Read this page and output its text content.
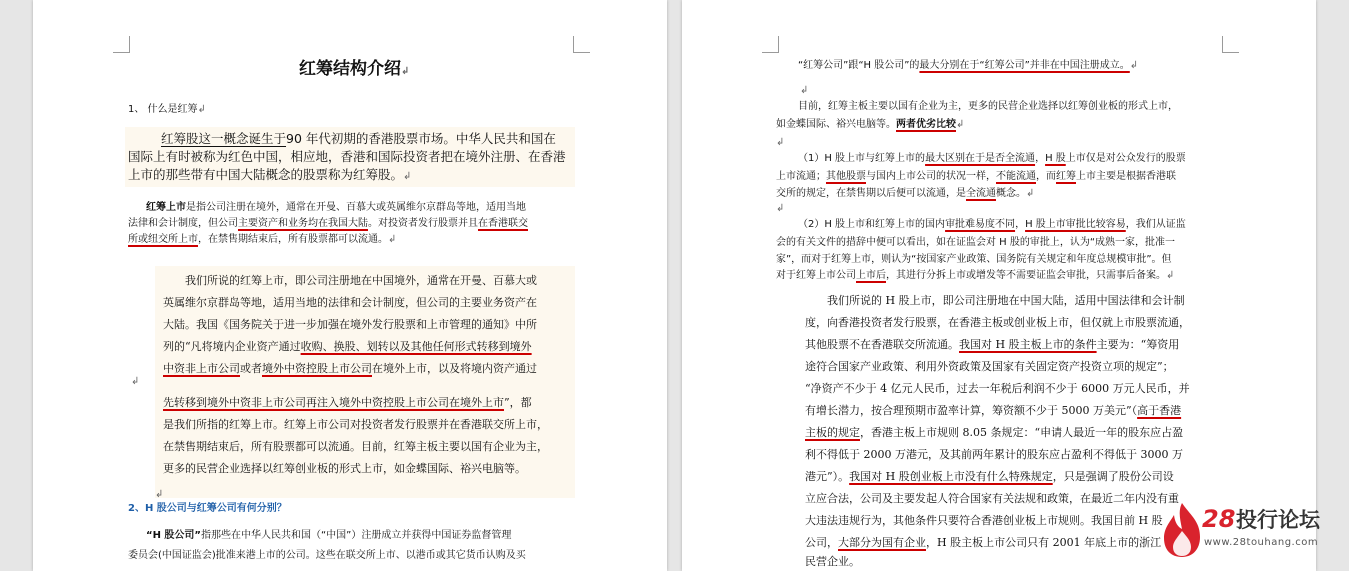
红筹结构介绍↲
1、 什么是红筹↲
红筹股这一概念诞生于90 年代初期的香港股票市场。中华人民共和国在
国际上有时被称为红色中国，相应地，香港和国际投资者把在境外注册、在香港
上市的那些带有中国大陆概念的股票称为红筹股。↲
红筹上市是指公司注册在境外，通常在开曼、百慕大或英属维尔京群岛等地，适用当地
法律和会计制度，但公司主要资产和业务均在我国大陆。对投资者发行股票并且在香港联交
所或纽交所上市，在禁售期结束后，所有股票都可以流通。↲
我们所说的红筹上市，即公司注册地在中国境外，通常在开曼、百慕大或
英属维尔京群岛等地，适用当地的法律和会计制度，但公司的主要业务资产在
大陆。我国《国务院关于进一步加强在境外发行股票和上市管理的通知》中所
列的“凡将境内企业资产通过收购、换股、划转以及其他任何形式转移到境外
中资非上市公司或者境外中资控股上市公司在境外上市，以及将境内资产通过
↲
先转移到境外中资非上市公司再注入境外中资控股上市公司在境外上市”，都
是我们所指的红筹上市。红筹上市公司对投资者发行股票并在香港联交所上市，
在禁售期结束后，所有股票都可以流通。目前，红筹主板主要以国有企业为主，
更多的民营企业选择以红筹创业板的形式上市，如金蝶国际、裕兴电脑等。
↲
2、H 股公司与红筹公司有何分别？
“H 股公司”指那些在中华人民共和国（“中国”）注册成立并获得中国证券监督管理
委员会(中国证监会)批准来港上市的公司。这些在联交所上市、以港币或其它货币认购及买
“红筹公司”跟“H 股公司”的最大分别在于“红筹公司”并非在中国注册成立。↲
↲
目前，红筹主板主要以国有企业为主，更多的民营企业选择以红筹创业板的形式上市，
如金蝶国际、裕兴电脑等。两者优劣比较↲
↲
（1）H 股上市与红筹上市的最大区别在于是否全流通，H 股上市仅是对公众发行的股票
上市流通；其他股票与国内上市公司的状况一样，不能流通，而红筹上市主要是根据香港联
交所的规定，在禁售期以后便可以流通，是全流通概念。↲
↲
（2）H 股上市和红筹上市的国内审批难易度不同，H 股上市审批比较容易，我们从证监
会的有关文件的措辞中便可以看出，如在证监会对 H 股的审批上，认为“成熟一家，批准一
家”，而对于红筹上市，则认为“按国家产业政策、国务院有关规定和年度总规模审批”。但
对于红筹上市公司上市后，其进行分拆上市或增发等不需要证监会审批，只需事后备案。↲
我们所说的 H 股上市，即公司注册地在中国大陆，适用中国法律和会计制
度，向香港投资者发行股票，在香港主板或创业板上市，但仅就上市股票流通，
其他股票不在香港联交所流通。我国对 H 股主板上市的条件主要为：“筹资用
途符合国家产业政策、利用外资政策及国家有关固定资产投资立项的规定”；
“净资产不少于 4 亿元人民币，过去一年税后利润不少于 6000 万元人民币，并
有增长潜力，按合理预期市盈率计算，筹资额不少于 5000 万美元”（高于香港
主板的规定，香港主板上市规则 8.05 条规定：“申请人最近一年的股东应占盈
利不得低于 2000 万港元，及其前两年累计的股东应占盈利不得低于 3000 万
港元”）。我国对 H 股创业板上市没有什么特殊规定，只是强调了股份公司设
立应合法，公司及主要发起人符合国家有关法规和政策，在最近二年内没有重
大违法违规行为，其他条件只要符合香港创业板上市规则。我国目前 H 股
公司，大部分为国有企业，H 股主板上市公司只有 2001 年底上市的浙江
民营企业。
28 投行论坛
www.28touhang.com
